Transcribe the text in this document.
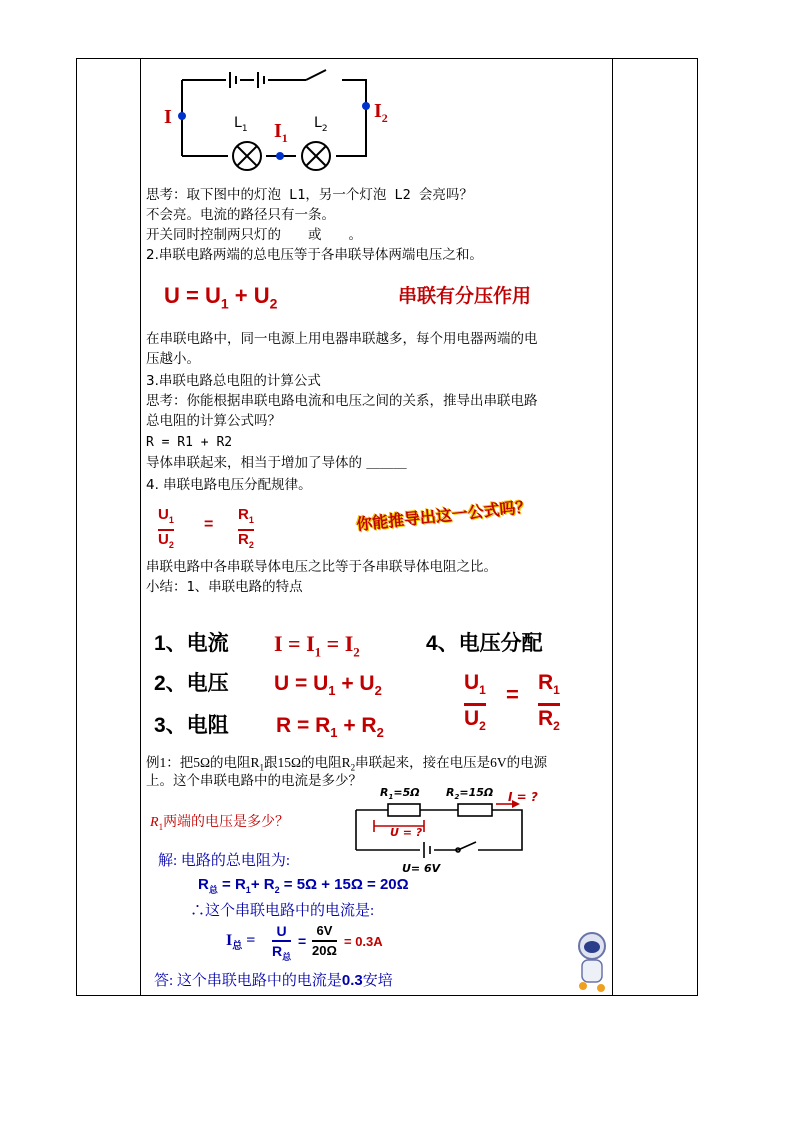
I	$L_1$	$L_2$
$I_1$
$I_2$
思考：取下图中的灯泡 L1，另一个灯泡 L2 会亮吗？
不会亮。电流的路径只有一条。
开关同时控制两只灯的　　或　　。
2.串联电路两端的总电压等于各串联导体两端电压之和。
$U = U_1 + U_2$	串联有分压作用
在串联电路中，同一电源上用电器串联越多，每个用电器两端的电
压越小。
3.串联电路总电阻的计算公式
思考：你能根据串联电路电流和电压之间的关系，推导出串联电路
总电阻的计算公式吗？
R = R1 + R2
导体串联起来，相当于增加了导体的 ＿＿＿
4. 串联电路电压分配规律。
$U_1$
$U_2$
=
$R_1$
$R_2$
你能推导出这一公式吗？
串联电路中各串联导体电压之比等于各串联导体电阻之比。
小结：1、串联电路的特点
1、电流 $I = I_1 = I_2$	4、电压分配
2、电压 $U = U_1 + U_2$	$U_1$
$U_2$
= $R_1$
$R_2$
3、电阻 $R = R_1 + R_2$
例1：把5Ω的电阻$R_1$跟15Ω的电阻$R_2$串联起来，接在电压是6V的电源
上。这个串联电路中的电流是多少？
$R_1$两端的电压是多少？
$R_1=5\Omega$ $R_2=15\Omega$ I = ?
U = ?
U= 6V
解: 电路的总电阻为:
$R_总 = R_1+ R_2 = 5\Omega + 15\Omega = 20\Omega$
∴这个串联电路中的电流是:
$I_总$ =
U
$R_总$
=
6V
20Ω
= 0.3A
答: 这个串联电路中的电流是0.3安培
